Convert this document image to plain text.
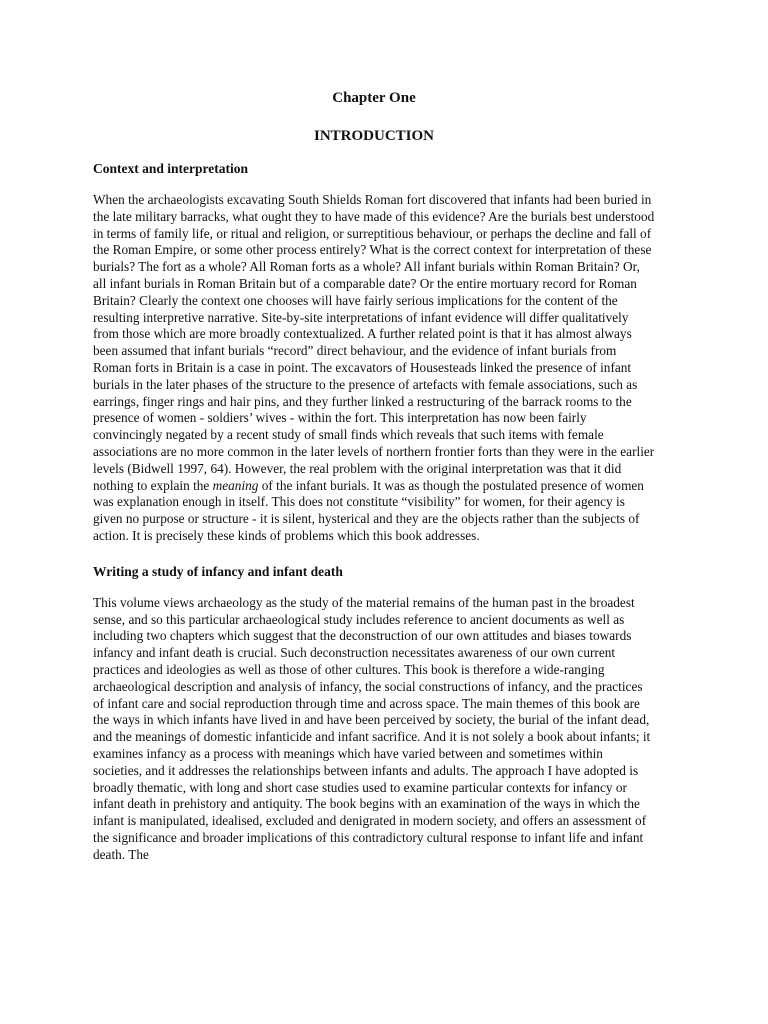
Chapter One
INTRODUCTION
Context and interpretation

When the archaeologists excavating South Shields Roman fort discovered that infants had been buried in the late military barracks, what ought they to have made of this evidence? Are the burials best understood in terms of family life, or ritual and religion, or surreptitious behaviour, or perhaps the decline and fall of the Roman Empire, or some other process entirely? What is the correct context for interpretation of these burials? The fort as a whole? All Roman forts as a whole? All infant burials within Roman Britain? Or, all infant burials in Roman Britain but of a comparable date? Or the entire mortuary record for Roman Britain? Clearly the context one chooses will have fairly serious implications for the content of the resulting interpretive narrative. Site-by-site interpretations of infant evidence will differ qualitatively from those which are more broadly contextualized. A further related point is that it has almost always been assumed that infant burials “record” direct behaviour, and the evidence of infant burials from Roman forts in Britain is a case in point. The excavators of Housesteads linked the presence of infant burials in the later phases of the structure to the presence of artefacts with female associations, such as earrings, finger rings and hair pins, and they further linked a restructuring of the barrack rooms to the presence of women - soldiers’ wives - within the fort. This interpretation has now been fairly convincingly negated by a recent study of small finds which reveals that such items with female associations are no more common in the later levels of northern frontier forts than they were in the earlier levels (Bidwell 1997, 64). However, the real problem with the original interpretation was that it did nothing to explain the meaning of the infant burials. It was as though the postulated presence of women was explanation enough in itself. This does not constitute “visibility” for women, for their agency is given no purpose or structure - it is silent, hysterical and they are the objects rather than the subjects of action. It is precisely these kinds of problems which this book addresses.

Writing a study of infancy and infant death

This volume views archaeology as the study of the material remains of the human past in the broadest sense, and so this particular archaeological study includes reference to ancient documents as well as including two chapters which suggest that the deconstruction of our own attitudes and biases towards infancy and infant death is crucial. Such deconstruction necessitates awareness of our own current practices and ideologies as well as those of other cultures. This book is therefore a wide-ranging archaeological description and analysis of infancy, the social constructions of infancy, and the practices of infant care and social reproduction through time and across space. The main themes of this book are the ways in which infants have lived in and have been perceived by society, the burial of the infant dead, and the meanings of domestic infanticide and infant sacrifice. And it is not solely a book about infants; it examines infancy as a process with meanings which have varied between and sometimes within societies, and it addresses the relationships between infants and adults. The approach I have adopted is broadly thematic, with long and short case studies used to examine particular contexts for infancy or infant death in prehistory and antiquity. The book begins with an examination of the ways in which the infant is manipulated, idealised, excluded and denigrated in modern society, and offers an assessment of the significance and broader implications of this contradictory cultural response to infant life and infant death. The
